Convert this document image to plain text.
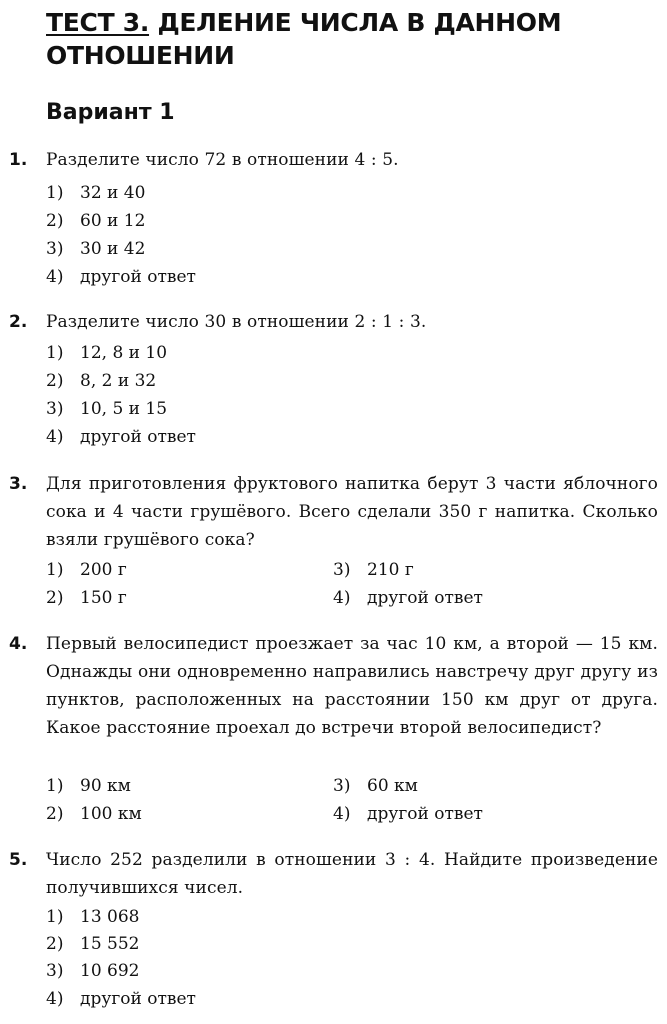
ТЕСТ 3. ДЕЛЕНИЕ ЧИСЛА В ДАННОМ ОТНОШЕНИИ
Вариант 1
1. Разделите число 72 в отношении 4 : 5.
1) 32 и 40
2) 60 и 12
3) 30 и 42
4) другой ответ
2. Разделите число 30 в отношении 2 : 1 : 3.
1) 12, 8 и 10
2) 8, 2 и 32
3) 10, 5 и 15
4) другой ответ
3. Для приготовления фруктового напитка берут 3 части яблочного сока и 4 части грушёвого. Всего сделали 350 г напитка. Сколько взяли грушёвого сока?
1) 200 г
2) 150 г
3) 210 г
4) другой ответ
4. Первый велосипедист проезжает за час 10 км, а второй — 15 км. Однажды они одновременно направились навстречу друг другу из пунктов, расположенных на расстоянии 150 км друг от друга. Какое расстояние проехал до встречи второй велосипедист?
1) 90 км
2) 100 км
3) 60 км
4) другой ответ
5. Число 252 разделили в отношении 3 : 4. Найдите произведение получившихся чисел.
1) 13 068
2) 15 552
3) 10 692
4) другой ответ
